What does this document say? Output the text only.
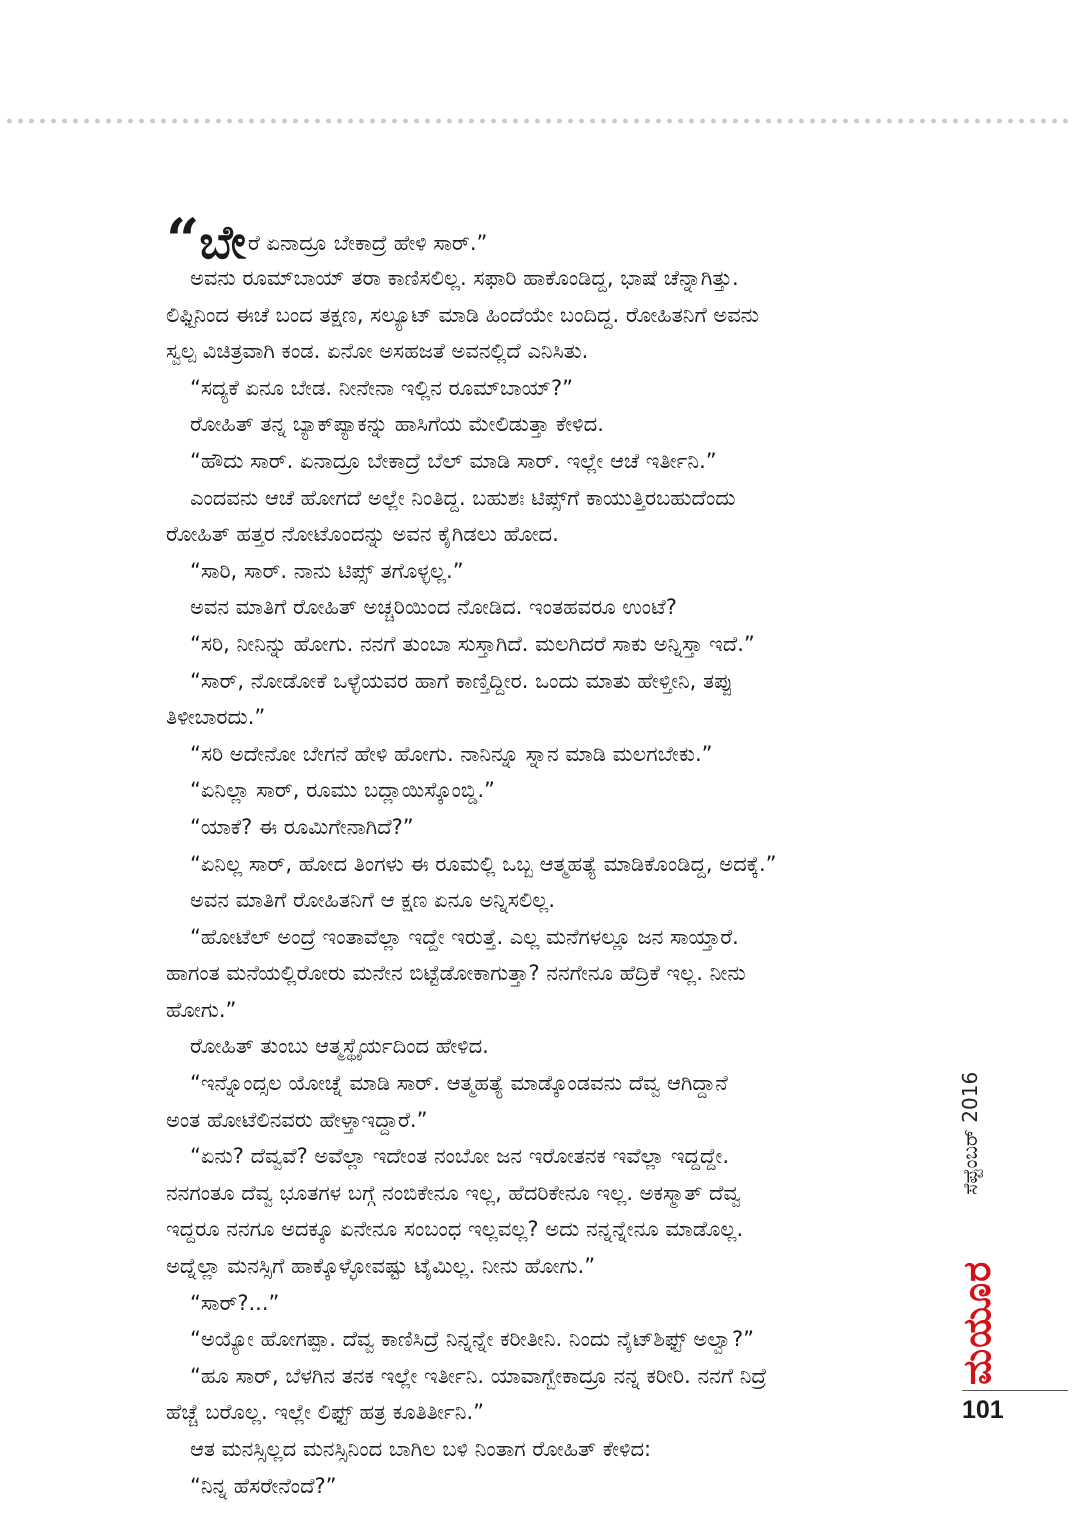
“ಬೇರೆ ಏನಾದ್ರೂ ಬೇಕಾದ್ರೆ ಹೇಳಿ ಸಾರ್.”
ಅವನು ರೂಮ್‌ಬಾಯ್ ತರಾ ಕಾಣಿಸಲಿಲ್ಲ. ಸಫಾರಿ ಹಾಕೊಂಡಿದ್ದ, ಭಾಷೆ ಚೆನ್ನಾಗಿತ್ತು.
ಲಿಫ್ಟಿನಿಂದ ಈಚೆ ಬಂದ ತಕ್ಷಣ, ಸಲ್ಯೂಟ್ ಮಾಡಿ ಹಿಂದೆಯೇ ಬಂದಿದ್ದ. ರೋಹಿತನಿಗೆ ಅವನು
ಸ್ವಲ್ಪ ವಿಚಿತ್ರವಾಗಿ ಕಂಡ. ಏನೋ ಅಸಹಜತೆ ಅವನಲ್ಲಿದೆ ಎನಿಸಿತು.
“ಸದ್ಯಕೆ ಏನೂ ಬೇಡ. ನೀನೇನಾ ಇಲ್ಲಿನ ರೂಮ್‌ಬಾಯ್?”
ರೋಹಿತ್ ತನ್ನ ಬ್ಯಾಕ್‌ಪ್ಯಾಕನ್ನು ಹಾಸಿಗೆಯ ಮೇಲಿಡುತ್ತಾ ಕೇಳಿದ.
“ಹೌದು ಸಾರ್. ಏನಾದ್ರೂ ಬೇಕಾದ್ರೆ ಬೆಲ್ ಮಾಡಿ ಸಾರ್. ಇಲ್ಲೇ ಆಚೆ ಇರ್ತೀನಿ.”
ಎಂದವನು ಆಚೆ ಹೋಗದೆ ಅಲ್ಲೇ ನಿಂತಿದ್ದ. ಬಹುಶಃ ಟಿಪ್ಸ್‌ಗೆ ಕಾಯುತ್ತಿರಬಹುದೆಂದು
ರೋಹಿತ್ ಹತ್ತರ ನೋಟೊಂದನ್ನು ಅವನ ಕೈಗಿಡಲು ಹೋದ.
“ಸಾರಿ, ಸಾರ್. ನಾನು ಟಿಪ್ಸ್ ತಗೊಳ್ಳಲ್ಲ.”
ಅವನ ಮಾತಿಗೆ ರೋಹಿತ್ ಅಚ್ಚರಿಯಿಂದ ನೋಡಿದ. ಇಂತಹವರೂ ಉಂಟೆ?
“ಸರಿ, ನೀನಿನ್ನು ಹೋಗು. ನನಗೆ ತುಂಬಾ ಸುಸ್ತಾಗಿದೆ. ಮಲಗಿದರೆ ಸಾಕು ಅನ್ನಿಸ್ತಾ ಇದೆ.”
“ಸಾರ್, ನೋಡೋಕೆ ಒಳ್ಳೆಯವರ ಹಾಗೆ ಕಾಣ್ತಿದ್ದೀರ. ಒಂದು ಮಾತು ಹೇಳ್ತೀನಿ, ತಪ್ಪು
ತಿಳೀಬಾರದು.”
“ಸರಿ ಅದೇನೋ ಬೇಗನೆ ಹೇಳಿ ಹೋಗು. ನಾನಿನ್ನೂ ಸ್ನಾನ ಮಾಡಿ ಮಲಗಬೇಕು.”
“ಏನಿಲ್ಲಾ ಸಾರ್, ರೂಮು ಬದ್ಲಾಯಿಸ್ಕೊಂಬ್ಡಿ.”
“ಯಾಕೆ? ಈ ರೂಮಿಗೇನಾಗಿದೆ?”
“ಏನಿಲ್ಲ ಸಾರ್, ಹೋದ ತಿಂಗಳು ಈ ರೂಮಲ್ಲಿ ಒಬ್ಬ ಆತ್ಮಹತ್ಯೆ ಮಾಡಿಕೊಂಡಿದ್ದ, ಅದಕ್ಕೆ.”
ಅವನ ಮಾತಿಗೆ ರೋಹಿತನಿಗೆ ಆ ಕ್ಷಣ ಏನೂ ಅನ್ನಿಸಲಿಲ್ಲ.
“ಹೋಟೆಲ್ ಅಂದ್ರೆ ಇಂತಾವೆಲ್ಲಾ ಇದ್ದೇ ಇರುತ್ತೆ. ಎಲ್ಲ ಮನೆಗಳಲ್ಲೂ ಜನ ಸಾಯ್ತಾರೆ.
ಹಾಗಂತ ಮನೆಯಲ್ಲಿರೋರು ಮನೇನ ಬಿಟ್ಟೆಡೋಕಾಗುತ್ತಾ? ನನಗೇನೂ ಹೆದ್ರಿಕೆ ಇಲ್ಲ. ನೀನು
ಹೋಗು.”
ರೋಹಿತ್ ತುಂಬು ಆತ್ಮಸ್ಥೈರ್ಯದಿಂದ ಹೇಳಿದ.
“ಇನ್ನೊಂದ್ಸಲ ಯೋಚ್ನೆ ಮಾಡಿ ಸಾರ್. ಆತ್ಮಹತ್ಯೆ ಮಾಡ್ಕೊಂಡವನು ದೆವ್ವ ಆಗಿದ್ದಾನೆ
ಅಂತ ಹೋಟೆಲಿನವರು ಹೇಳ್ತಾಇದ್ದಾರೆ.”
“ಏನು? ದೆವ್ವವೆ? ಅವೆಲ್ಲಾ ಇದೇಂತ ನಂಬೋ ಜನ ಇರೋತನಕ ಇವೆಲ್ಲಾ ಇದ್ದದ್ದೇ.
ನನಗಂತೂ ದೆವ್ವ ಭೂತಗಳ ಬಗ್ಗೆ ನಂಬಿಕೇನೂ ಇಲ್ಲ, ಹೆದರಿಕೇನೂ ಇಲ್ಲ. ಅಕಸ್ಮಾತ್ ದೆವ್ವ
ಇದ್ದರೂ ನನಗೂ ಅದಕ್ಕೂ ಏನೇನೂ ಸಂಬಂಧ ಇಲ್ಲವಲ್ಲ? ಅದು ನನ್ನನ್ನೇನೂ ಮಾಡೊಲ್ಲ.
ಅದ್ನೆಲ್ಲಾ ಮನಸ್ಸಿಗೆ ಹಾಕ್ಕೊಳ್ಳೋವಷ್ಟು ಟೈಮಿಲ್ಲ. ನೀನು ಹೋಗು.”
“ಸಾರ್?...”
“ಅಯ್ಯೋ ಹೋಗಪ್ಪಾ. ದೆವ್ವ ಕಾಣಿಸಿದ್ರೆ ನಿನ್ನನ್ನೇ ಕರೀತೀನಿ. ನಿಂದು ನೈಟ್‌ಶಿಫ್ಟ್ ಅಲ್ವಾ?”
“ಹೂ ಸಾರ್, ಬೆಳಗಿನ ತನಕ ಇಲ್ಲೇ ಇರ್ತೀನಿ. ಯಾವಾಗ್ಬೇಕಾದ್ರೂ ನನ್ನ ಕರೀರಿ. ನನಗೆ ನಿದ್ರೆ
ಹೆಚ್ಚೆ ಬರೊಲ್ಲ. ಇಲ್ಲೇ ಲಿಫ್ಟ್ ಹತ್ರ ಕೂತಿರ್ತೀನಿ.”
ಆತ ಮನಸ್ಸಿಲ್ಲದ ಮನಸ್ಸಿನಿಂದ ಬಾಗಿಲ ಬಳಿ ನಿಂತಾಗ ರೋಹಿತ್ ಕೇಳಿದ:
“ನಿನ್ನ ಹೆಸರೇನೆಂದೆ?”
ಸೆಪ್ಟೆಂಬರ್ 2016
ಮಯೂರ
101
